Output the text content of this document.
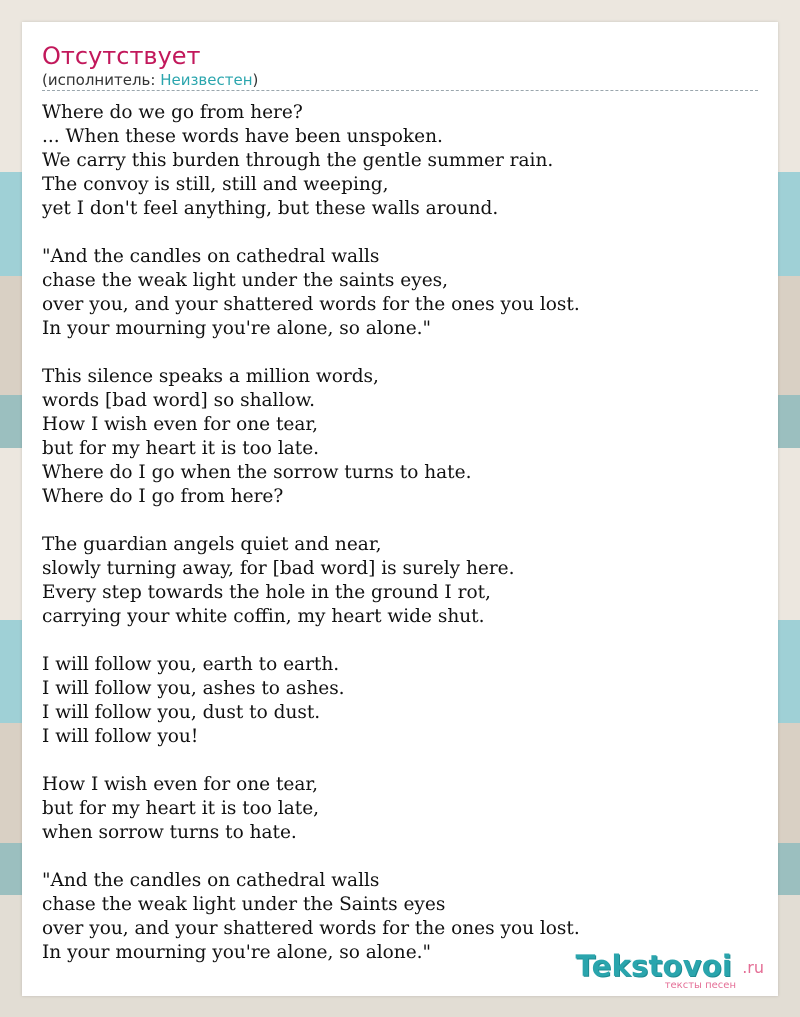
Отсутствует
(исполнитель: Неизвестен)
Where do we go from here?
... When these words have been unspoken.
We carry this burden through the gentle summer rain.
The convoy is still, still and weeping,
yet I don't feel anything, but these walls around.

"And the candles on cathedral walls
chase the weak light under the saints eyes,
over you, and your shattered words for the ones you lost.
In your mourning you're alone, so alone."

This silence speaks a million words,
words [bad word] so shallow.
How I wish even for one tear,
but for my heart it is too late.
Where do I go when the sorrow turns to hate.
Where do I go from here?

The guardian angels quiet and near,
slowly turning away, for [bad word] is surely here.
Every step towards the hole in the ground I rot,
carrying your white coffin, my heart wide shut.

I will follow you, earth to earth.
I will follow you, ashes to ashes.
I will follow you, dust to dust.
I will follow you!

How I wish even for one tear,
but for my heart it is too late,
when sorrow turns to hate.

"And the candles on cathedral walls
chase the weak light under the Saints eyes
over you, and your shattered words for the ones you lost.
In your mourning you're alone, so alone."	Tekstovoi .ru
тексты песен
